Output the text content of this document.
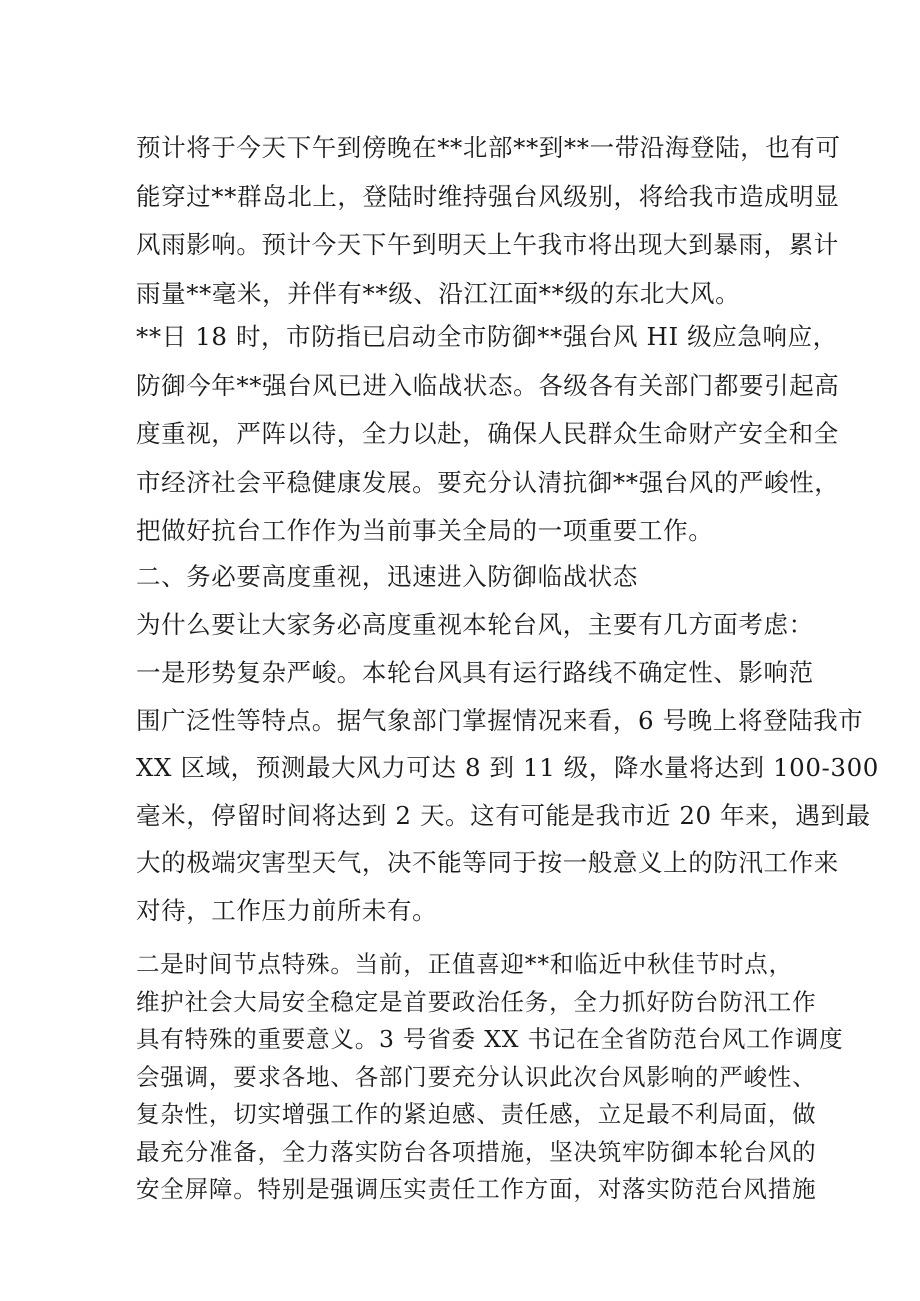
预计将于今天下午到傍晚在**北部**到**一带沿海登陆，也有可
能穿过**群岛北上，登陆时维持强台风级别，将给我市造成明显
风雨影响。预计今天下午到明天上午我市将出现大到暴雨，累计
雨量**毫米，并伴有**级、沿江江面**级的东北大风。
**日 18 时，市防指已启动全市防御**强台风 HI 级应急响应，
防御今年**强台风已进入临战状态。各级各有关部门都要引起高
度重视，严阵以待，全力以赴，确保人民群众生命财产安全和全
市经济社会平稳健康发展。要充分认清抗御**强台风的严峻性，
把做好抗台工作作为当前事关全局的一项重要工作。
二、务必要高度重视，迅速进入防御临战状态
为什么要让大家务必高度重视本轮台风，主要有几方面考虑：
一是形势复杂严峻。本轮台风具有运行路线不确定性、影响范
围广泛性等特点。据气象部门掌握情况来看，6 号晚上将登陆我市
XX 区域，预测最大风力可达 8 到 11 级，降水量将达到 100-300
毫米，停留时间将达到 2 天。这有可能是我市近 20 年来，遇到最
大的极端灾害型天气，决不能等同于按一般意义上的防汛工作来
对待，工作压力前所未有。
二是时间节点特殊。当前，正值喜迎**和临近中秋佳节时点，
维护社会大局安全稳定是首要政治任务，全力抓好防台防汛工作
具有特殊的重要意义。3 号省委 XX 书记在全省防范台风工作调度
会强调，要求各地、各部门要充分认识此次台风影响的严峻性、
复杂性，切实增强工作的紧迫感、责任感，立足最不利局面，做
最充分准备，全力落实防台各项措施，坚决筑牢防御本轮台风的
安全屏障。特别是强调压实责任工作方面，对落实防范台风措施
